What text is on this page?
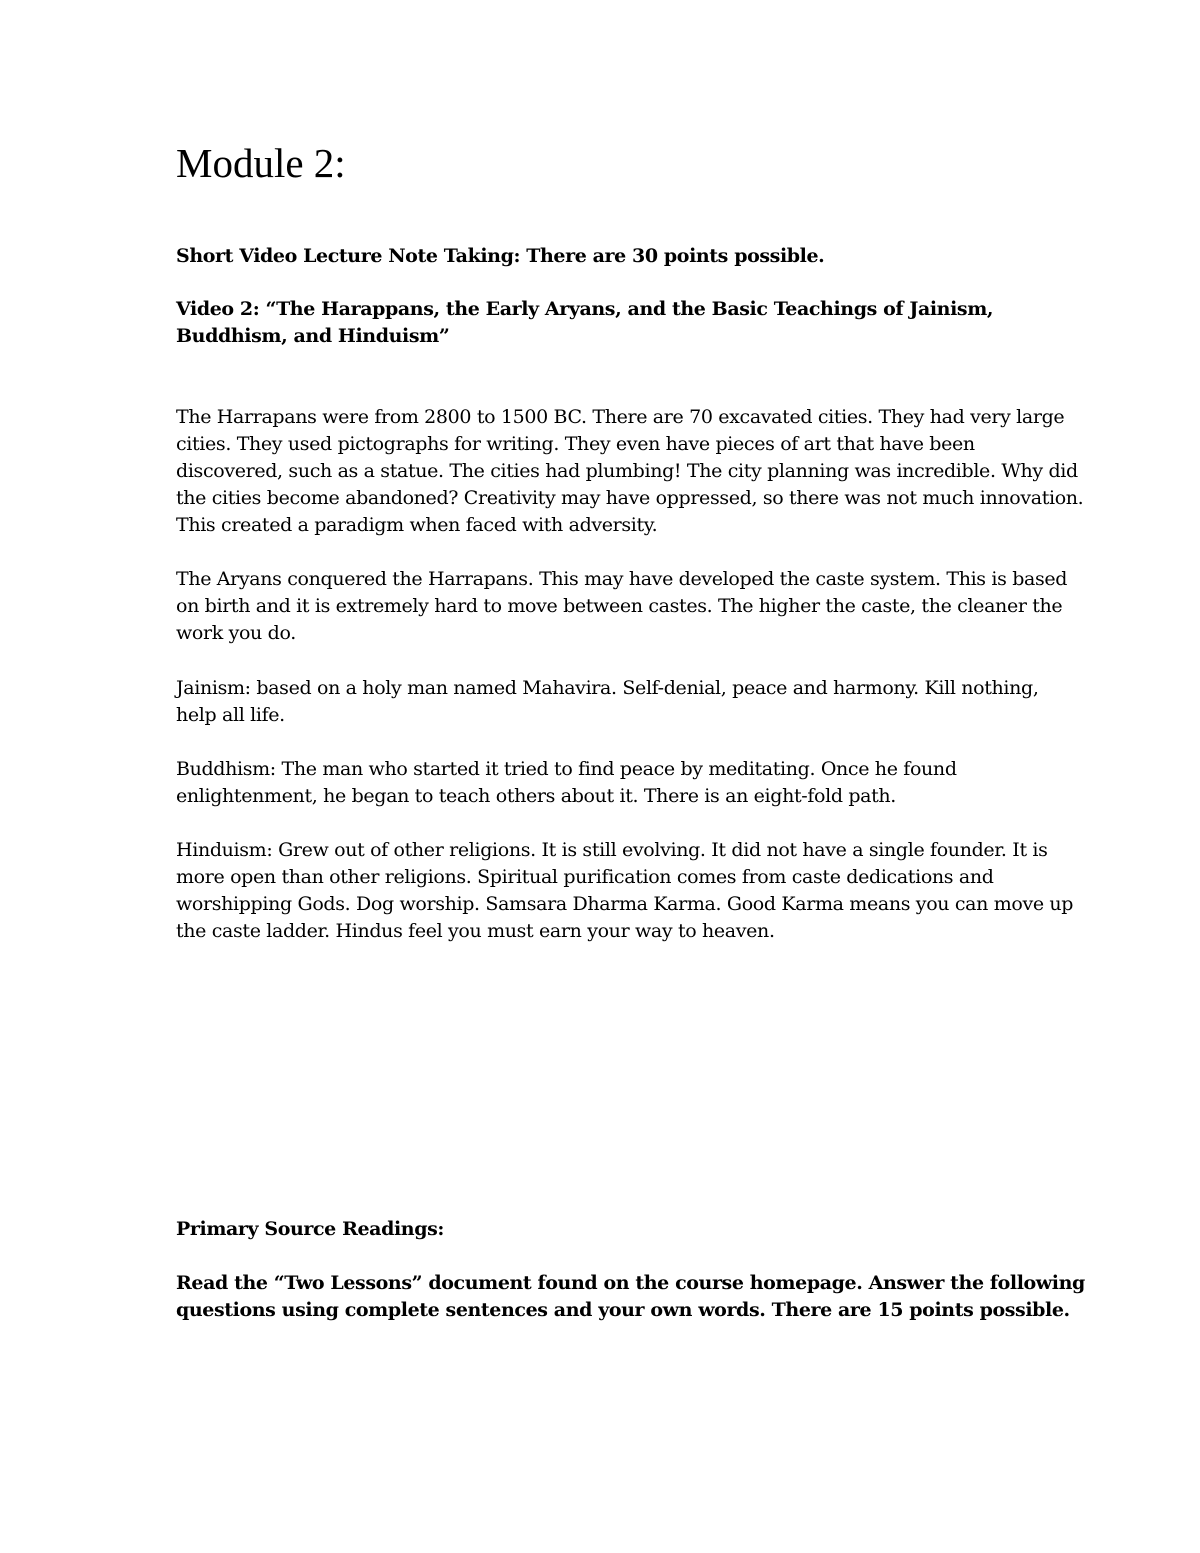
Module 2:

Short Video Lecture Note Taking: There are 30 points possible.

Video 2: “The Harappans, the Early Aryans, and the Basic Teachings of Jainism,
Buddhism, and Hinduism”

The Harrapans were from 2800 to 1500 BC. There are 70 excavated cities. They had very large
cities. They used pictographs for writing. They even have pieces of art that have been
discovered, such as a statue. The cities had plumbing! The city planning was incredible. Why did
the cities become abandoned? Creativity may have oppressed, so there was not much innovation.
This created a paradigm when faced with adversity.

The Aryans conquered the Harrapans. This may have developed the caste system. This is based
on birth and it is extremely hard to move between castes. The higher the caste, the cleaner the
work you do.

Jainism: based on a holy man named Mahavira. Self-denial, peace and harmony. Kill nothing,
help all life.

Buddhism: The man who started it tried to find peace by meditating. Once he found
enlightenment, he began to teach others about it. There is an eight-fold path.

Hinduism: Grew out of other religions. It is still evolving. It did not have a single founder. It is
more open than other religions. Spiritual purification comes from caste dedications and
worshipping Gods. Dog worship. Samsara Dharma Karma. Good Karma means you can move up
the caste ladder. Hindus feel you must earn your way to heaven.

Primary Source Readings:

Read the “Two Lessons” document found on the course homepage. Answer the following
questions using complete sentences and your own words. There are 15 points possible.
